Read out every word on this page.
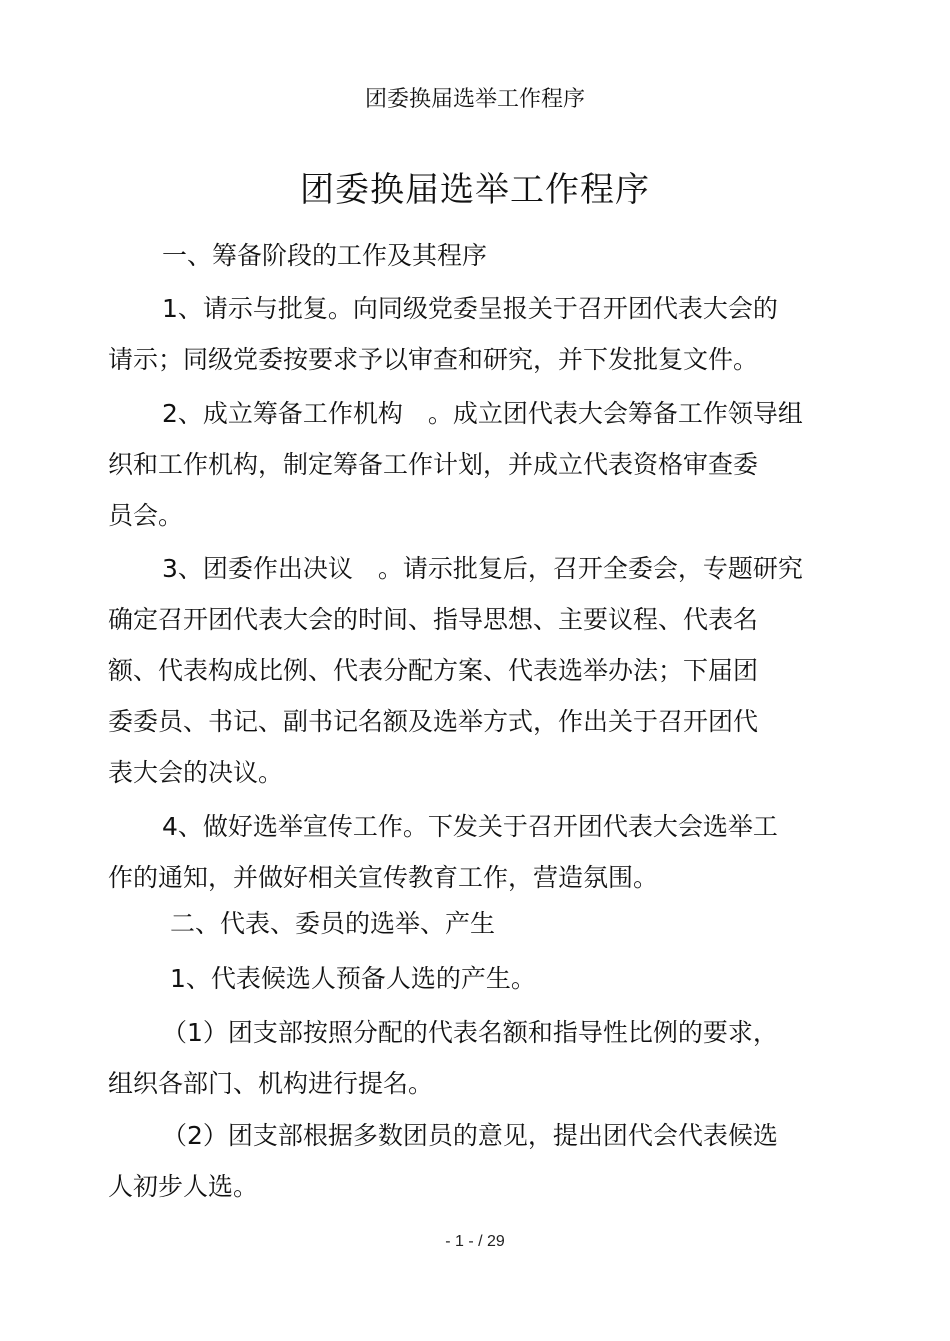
团委换届选举工作程序
团委换届选举工作程序
一、筹备阶段的工作及其程序
1、请示与批复。向同级党委呈报关于召开团代表大会的
请示；同级党委按要求予以审查和研究，并下发批复文件。
2、成立筹备工作机构　。成立团代表大会筹备工作领导组
织和工作机构，制定筹备工作计划，并成立代表资格审查委
员会。
3、团委作出决议　。请示批复后，召开全委会，专题研究
确定召开团代表大会的时间、指导思想、主要议程、代表名
额、代表构成比例、代表分配方案、代表选举办法；下届团
委委员、书记、副书记名额及选举方式，作出关于召开团代
表大会的决议。
4、做好选举宣传工作。下发关于召开团代表大会选举工
作的通知，并做好相关宣传教育工作，营造氛围。
二、代表、委员的选举、产生
1、代表候选人预备人选的产生。
（1）团支部按照分配的代表名额和指导性比例的要求，
组织各部门、机构进行提名。
（2）团支部根据多数团员的意见，提出团代会代表候选
人初步人选。
- 1 - / 29
